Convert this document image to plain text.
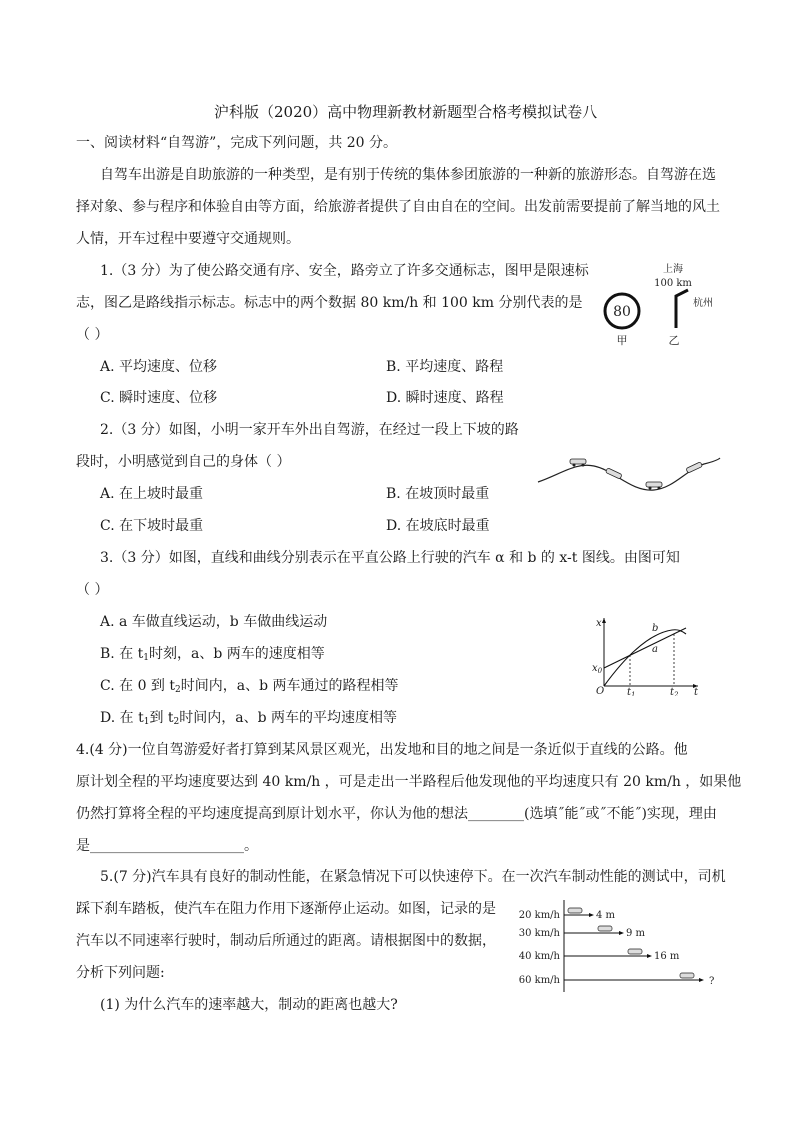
沪科版（2020）高中物理新教材新题型合格考模拟试卷八
一、阅读材料“自驾游”，完成下列问题，共 20 分。
自驾车出游是自助旅游的一种类型，是有别于传统的集体参团旅游的一种新的旅游形态。自驾游在选
择对象、参与程序和体验自由等方面，给旅游者提供了自由自在的空间。出发前需要提前了解当地的风土
人情，开车过程中要遵守交通规则。
1.（3 分）为了使公路交通有序、安全，路旁立了许多交通标志，图甲是限速标
志，图乙是路线指示标志。标志中的两个数据 80 km/h 和 100 km 分别代表的是
（ ）
A. 平均速度、位移	B. 平均速度、路程
C. 瞬时速度、位移	D. 瞬时速度、路程
80
甲
上海
100 km
杭州
乙
2.（3 分）如图，小明一家开车外出自驾游，在经过一段上下坡的路
段时，小明感觉到自己的身体（ ）
A. 在上坡时最重	B. 在坡顶时最重
C. 在下坡时最重	D. 在坡底时最重
3.（3 分）如图，直线和曲线分别表示在平直公路上行驶的汽车 α 和 b 的 x-t 图线。由图可知
（ ）
A. a 车做直线运动，b 车做曲线运动
B. 在 $t_1$时刻，a、b 两车的速度相等
C. 在 0 到 $t_2$时间内，a、b 两车通过的路程相等
D. 在 $t_1$到 $t_2$时间内，a、b 两车的平均速度相等
x
t
O
$x_0$
$t_1$	$t_2$
b
a
4.(4 分)一位自驾游爱好者打算到某风景区观光，出发地和目的地之间是一条近似于直线的公路。他
原计划全程的平均速度要达到 40 km/h ，可是走出一半路程后他发现他的平均速度只有 20 km/h ，如果他
仍然打算将全程的平均速度提高到原计划水平，你认为他的想法________(选填˝能˝或˝不能˝)实现，理由
是______________________。
5.(7 分)汽车具有良好的制动性能，在紧急情况下可以快速停下。在一次汽车制动性能的测试中，司机
踩下刹车踏板，使汽车在阻力作用下逐渐停止运动。如图，记录的是
汽车以不同速率行驶时，制动后所通过的距离。请根据图中的数据，
分析下列问题:
(1) 为什么汽车的速率越大，制动的距离也越大?
20 km/h
30 km/h
40 km/h
60 km/h
4 m
9 m
16 m
?
